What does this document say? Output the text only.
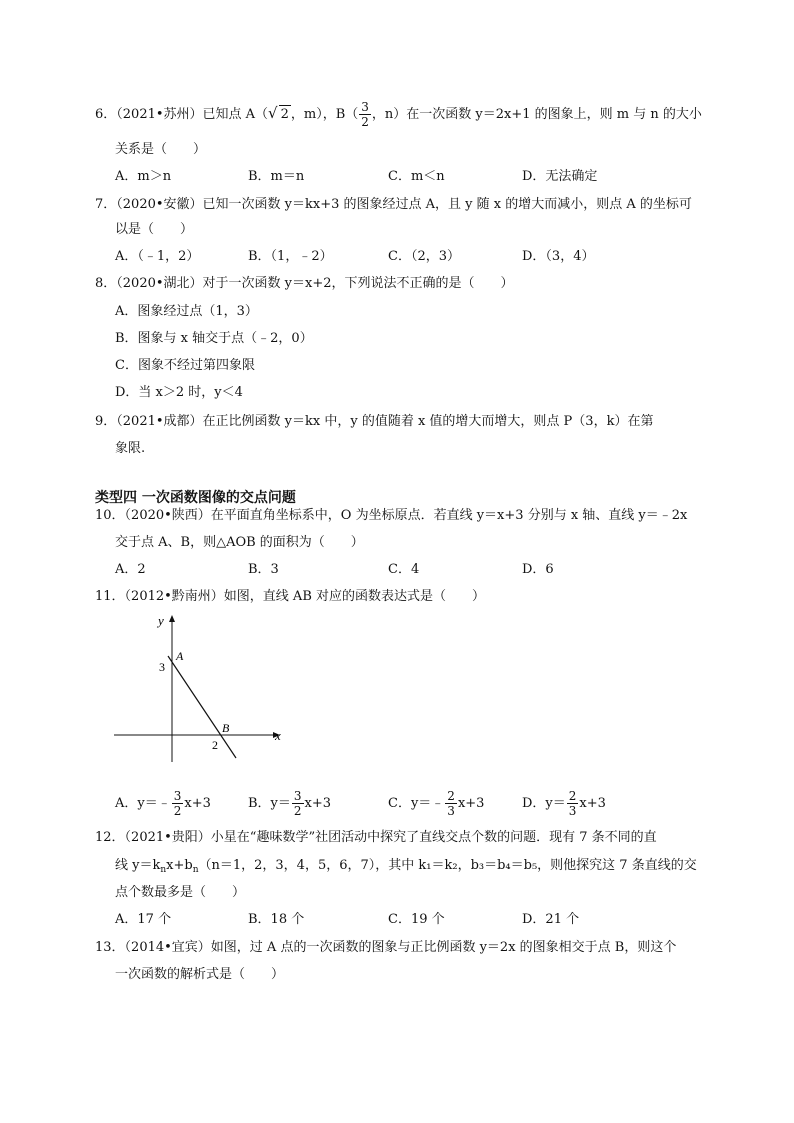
6．（2021•苏州）已知点 A（√ 2 ，m），$B( \frac{3}{2}$ ，n）在一次函数 y＝2x+1 的图象上，则 m 与 n 的大小
关系是（　　）
A．m＞n	B．m＝n	C．m＜n	D．无法确定
7．（2020•安徽）已知一次函数 y＝kx+3 的图象经过点 A，且 y 随 x 的增大而减小，则点 A 的坐标可
以是（　　）
A．（﹣1，2）	B．（1，﹣2）	C．（2，3）	D．（3，4）
8．（2020•湖北）对于一次函数 y＝x+2，下列说法不正确的是（　　）
A．图象经过点（1，3）
B．图象与 x 轴交于点（﹣2，0）
C．图象不经过第四象限
D．当 x＞2 时，y＜4
9．（2021•成都）在正比例函数 y＝kx 中，y 的值随着 x 值的增大而增大，则点 P（3，k）在第
象限.
类型四 一次函数图像的交点问题
10．（2020•陕西）在平面直角坐标系中，O 为坐标原点．若直线 y＝x+3 分别与 x 轴、直线 y＝﹣2x
交于点 A、B，则△AOB 的面积为（　　）
A．2	B．3	C．4	D．6
11．（2012•黔南州）如图，直线 AB 对应的函数表达式是（　　）
y
x
A
B
3
2
A．y＝﹣ $\frac{3}{2} x+3$	B．$y= \frac{3}{2} x+3$	C．y＝﹣ $\frac{2}{3} x+3$	D．$y= \frac{2}{3} x+3$
12．（2021•贵阳）小星在“趣味数学”社团活动中探究了直线交点个数的问题．现有 7 条不同的直
线 $y=k_nx+b_n(n=1$，2，3，4，5，6，7），其中 k₁＝k₂，b₃＝b₄＝b₅，则他探究这 7 条直线的交
点个数最多是（　　）
A．17 个	B．18 个	C．19 个	D．21 个
13．（2014•宜宾）如图，过 A 点的一次函数的图象与正比例函数 y＝2x 的图象相交于点 B，则这个
一次函数的解析式是（　　）
